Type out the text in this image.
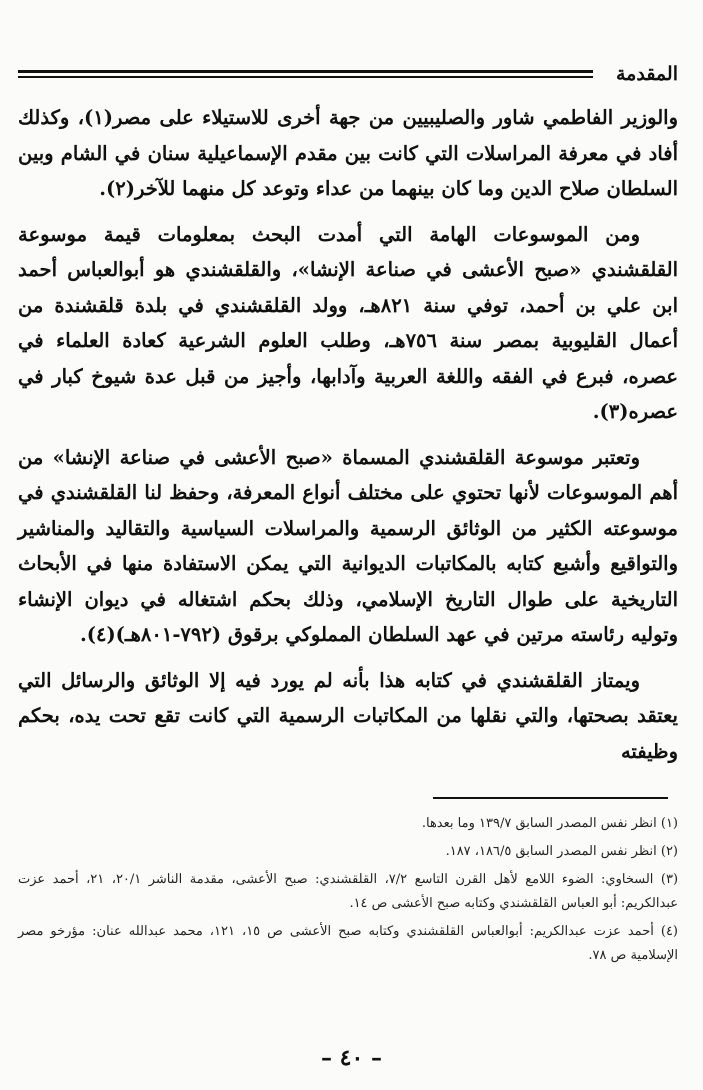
المقدمة

والوزير الفاطمي شاور والصليبيين من جهة أخرى للاستيلاء على مصر(١)، وكذلك أفاد في معرفة المراسلات التي كانت بين مقدم الإسماعيلية سنان في الشام وبين السلطان صلاح الدين وما كان بينهما من عداء وتوعد كل منهما للآخر(٢).

ومن الموسوعات الهامة التي أمدت البحث بمعلومات قيمة موسوعة القلقشندي «صبح الأعشى في صناعة الإنشا»، والقلقشندي هو أبوالعباس أحمد ابن علي بن أحمد، توفي سنة ٨٢١هـ، وولد القلقشندي في بلدة قلقشندة من أعمال القليوبية بمصر سنة ٧٥٦هـ، وطلب العلوم الشرعية كعادة العلماء في عصره، فبرع في الفقه واللغة العربية وآدابها، وأجيز من قبل عدة شيوخ كبار في عصره(٣).

وتعتبر موسوعة القلقشندي المسماة «صبح الأعشى في صناعة الإنشا» من أهم الموسوعات لأنها تحتوي على مختلف أنواع المعرفة، وحفظ لنا القلقشندي في موسوعته الكثير من الوثائق الرسمية والمراسلات السياسية والتقاليد والمناشير والتواقيع وأشبع كتابه بالمكاتبات الديوانية التي يمكن الاستفادة منها في الأبحاث التاريخية على طوال التاريخ الإسلامي، وذلك بحكم اشتغاله في ديوان الإنشاء وتوليه رئاسته مرتين في عهد السلطان المملوكي برقوق (٧٩٢-٨٠١هـ)(٤).

ويمتاز القلقشندي في كتابه هذا بأنه لم يورد فيه إلا الوثائق والرسائل التي يعتقد بصحتها، والتي نقلها من المكاتبات الرسمية التي كانت تقع تحت يده، بحكم وظيفته

(١) انظر نفس المصدر السابق ١٣٩/٧ وما بعدها.

(٢) انظر نفس المصدر السابق ١٨٦/٥، ١٨٧.

(٣) السخاوي: الضوء اللامع لأهل القرن التاسع ٧/٢، القلقشندي: صبح الأعشى، مقدمة الناشر ٢٠/١، ٢١، أحمد عزت عبدالكريم: أبو العباس القلقشندي وكتابه صبح الأعشى ص ١٤.

(٤) أحمد عزت عبدالكريم: أبوالعباس القلقشندي وكتابه صبح الأعشى ص ١٥، ١٢١، محمد عبدالله عنان: مؤرخو مصر الإسلامية ص ٧٨.

– ٤٠ –
